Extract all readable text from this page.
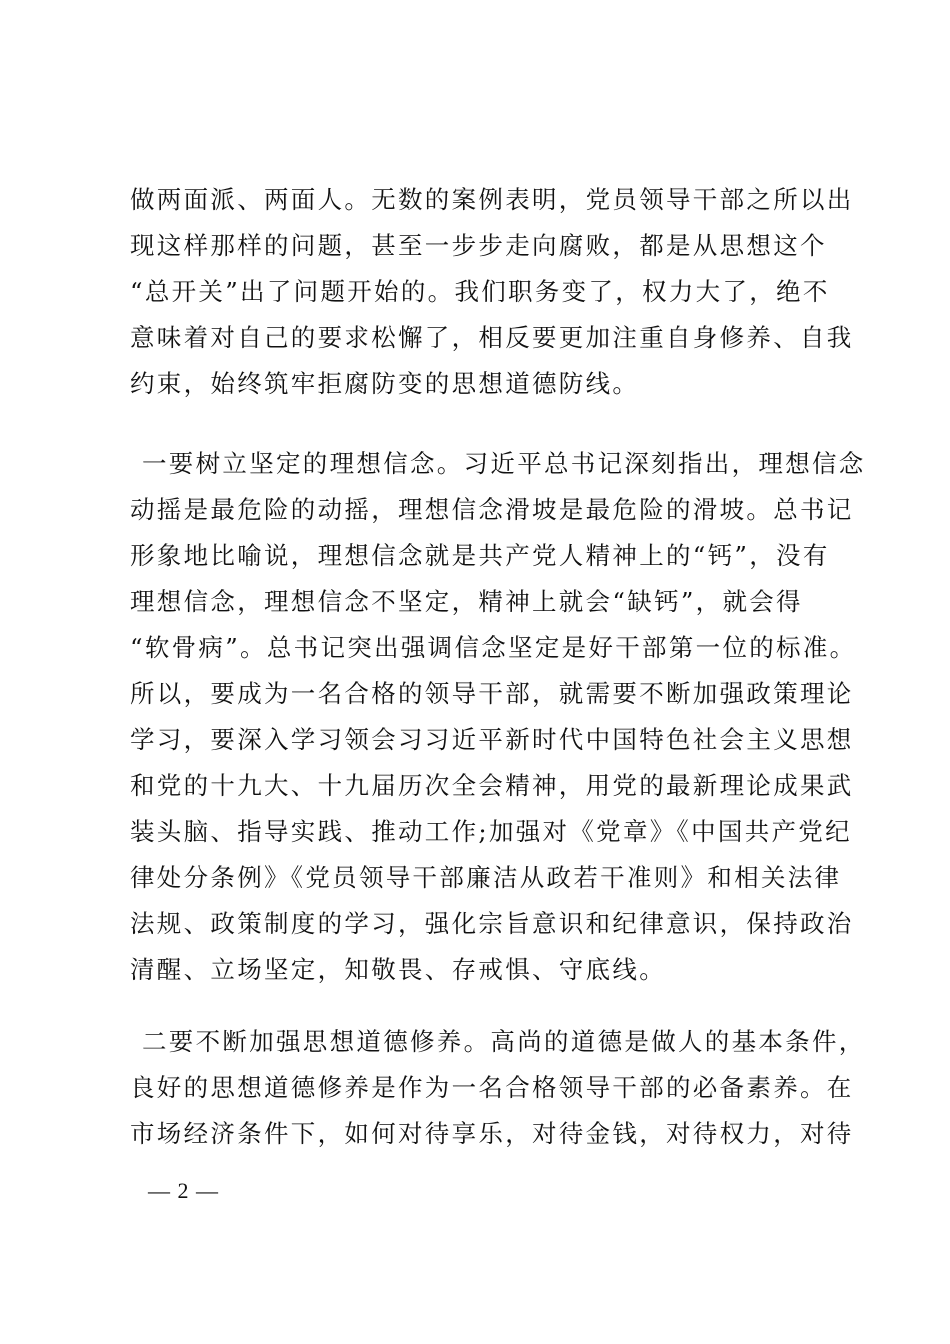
做两面派、两面人。无数的案例表明，党员领导干部之所以出
现这样那样的问题，甚至一步步走向腐败，都是从思想这个
“总开关”出了问题开始的。我们职务变了，权力大了，绝不
意味着对自己的要求松懈了，相反要更加注重自身修养、自我
约束，始终筑牢拒腐防变的思想道德防线。
一要树立坚定的理想信念。习近平总书记深刻指出，理想信念
动摇是最危险的动摇，理想信念滑坡是最危险的滑坡。总书记
形象地比喻说，理想信念就是共产党人精神上的“钙”，没有
理想信念，理想信念不坚定，精神上就会“缺钙”，就会得
“软骨病”。总书记突出强调信念坚定是好干部第一位的标准。
所以，要成为一名合格的领导干部，就需要不断加强政策理论
学习，要深入学习领会习习近平新时代中国特色社会主义思想
和党的十九大、十九届历次全会精神，用党的最新理论成果武
装头脑、指导实践、推动工作;加强对《党章》《中国共产党纪
律处分条例》《党员领导干部廉洁从政若干准则》和相关法律
法规、政策制度的学习，强化宗旨意识和纪律意识，保持政治
清醒、立场坚定，知敬畏、存戒惧、守底线。
二要不断加强思想道德修养。高尚的道德是做人的基本条件，
良好的思想道德修养是作为一名合格领导干部的必备素养。在
市场经济条件下，如何对待享乐，对待金钱，对待权力，对待
— 2 —
